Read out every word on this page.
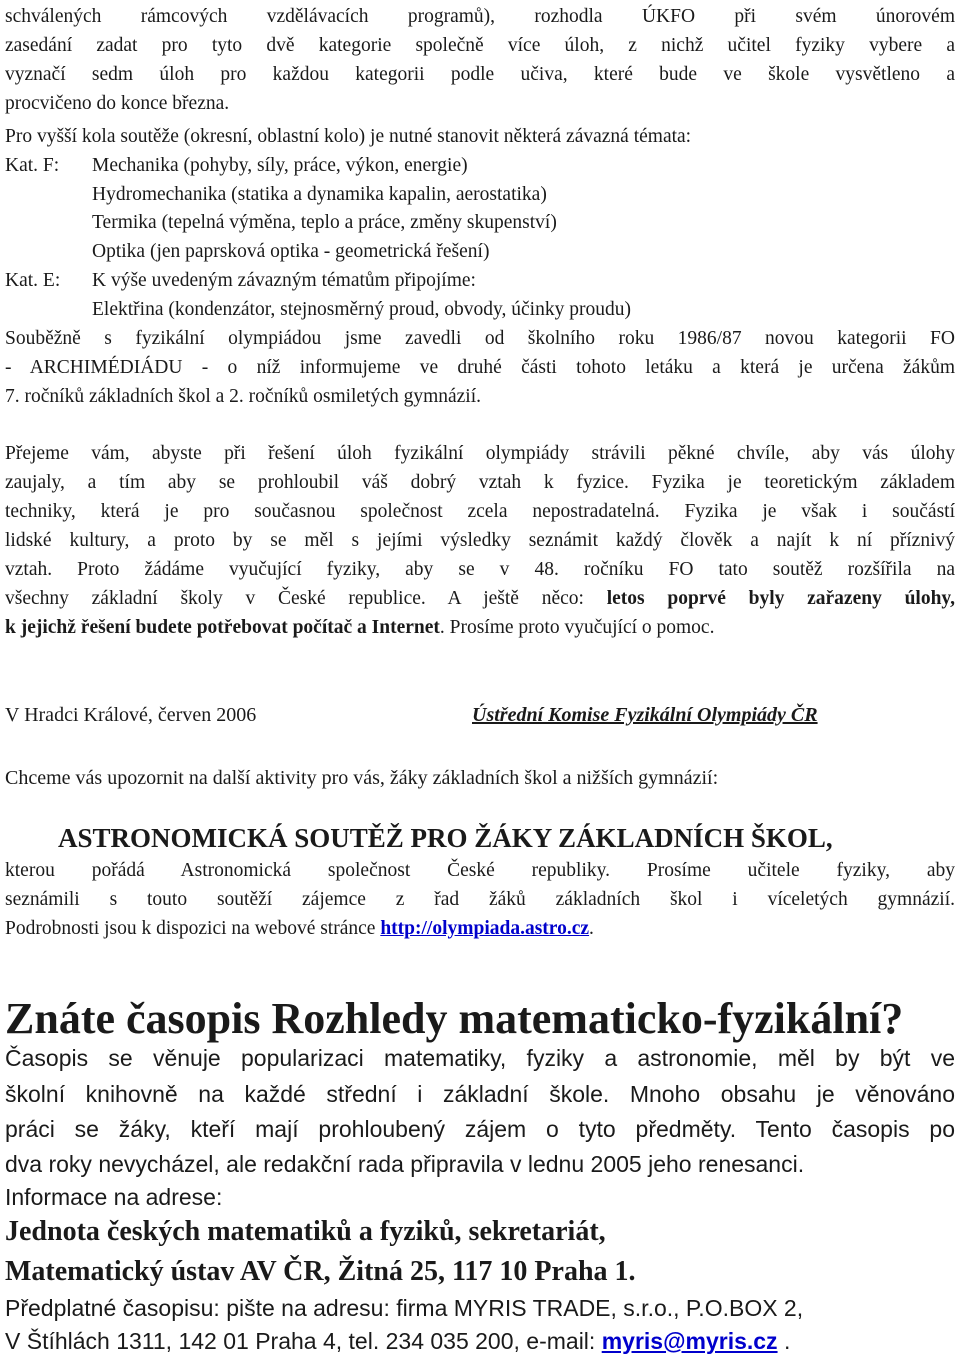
schválených rámcových vzdělávacích programů), rozhodla ÚKFO při svém únorovém
zasedání zadat pro tyto dvě kategorie společně více úloh, z nichž učitel fyziky vybere a
vyznačí sedm úloh pro každou kategorii podle učiva, které bude ve škole vysvětleno a
procvičeno do konce března.
Pro vyšší kola soutěže (okresní, oblastní kolo) je nutné stanovit některá závazná témata:
Kat. F: Mechanika (pohyby, síly, práce, výkon, energie)
Hydromechanika (statika a dynamika kapalin, aerostatika)
Termika (tepelná výměna, teplo a práce, změny skupenství)
Optika (jen paprsková optika - geometrická řešení)
Kat. E: K výše uvedeným závazným tématům připojíme:
Elektřina (kondenzátor, stejnosměrný proud, obvody, účinky proudu)
Souběžně s fyzikální olympiádou jsme zavedli od školního roku 1986/87 novou kategorii FO
- ARCHIMÉDIÁDU - o níž informujeme ve druhé části tohoto letáku a která je určena žákům
7. ročníků základních škol a 2. ročníků osmiletých gymnázií.
Přejeme vám, abyste při řešení úloh fyzikální olympiády strávili pěkné chvíle, aby vás úlohy
zaujaly, a tím aby se prohloubil váš dobrý vztah k fyzice. Fyzika je teoretickým základem
techniky, která je pro současnou společnost zcela nepostradatelná. Fyzika je však i součástí
lidské kultury, a proto by se měl s jejími výsledky seznámit každý člověk a najít k ní příznivý
vztah. Proto žádáme vyučující fyziky, aby se v 48. ročníku FO tato soutěž rozšířila na
všechny základní školy v České republice. A ještě něco: letos poprvé byly zařazeny úlohy,
k jejichž řešení budete potřebovat počítač a Internet. Prosíme proto vyučující o pomoc.
V Hradci Králové, červen 2006	Ústřední Komise Fyzikální Olympiády ČR
Chceme vás upozornit na další aktivity pro vás, žáky základních škol a nižších gymnázií:
ASTRONOMICKÁ SOUTĚŽ PRO ŽÁKY ZÁKLADNÍCH ŠKOL,
kterou pořádá Astronomická společnost České republiky. Prosíme učitele fyziky, aby
seznámili s touto soutěží zájemce z řad žáků základních škol i víceletých gymnázií.
Podrobnosti jsou k dispozici na webové stránce http://olympiada.astro.cz.
Znáte časopis Rozhledy matematicko-fyzikální?
Časopis se věnuje popularizaci matematiky, fyziky a astronomie, měl by být ve
školní knihovně na každé střední i základní škole. Mnoho obsahu je věnováno
práci se žáky, kteří mají prohloubený zájem o tyto předměty. Tento časopis po
dva roky nevycházel, ale redakční rada připravila v lednu 2005 jeho renesanci.
Informace na adrese:
Jednota českých matematiků a fyziků, sekretariát,
Matematický ústav AV ČR, Žitná 25, 117 10 Praha 1.
Předplatné časopisu: pište na adresu: firma MYRIS TRADE, s.r.o., P.O.BOX 2,
V Štíhlách 1311, 142 01 Praha 4, tel. 234 035 200, e-mail: myris@myris.cz .
